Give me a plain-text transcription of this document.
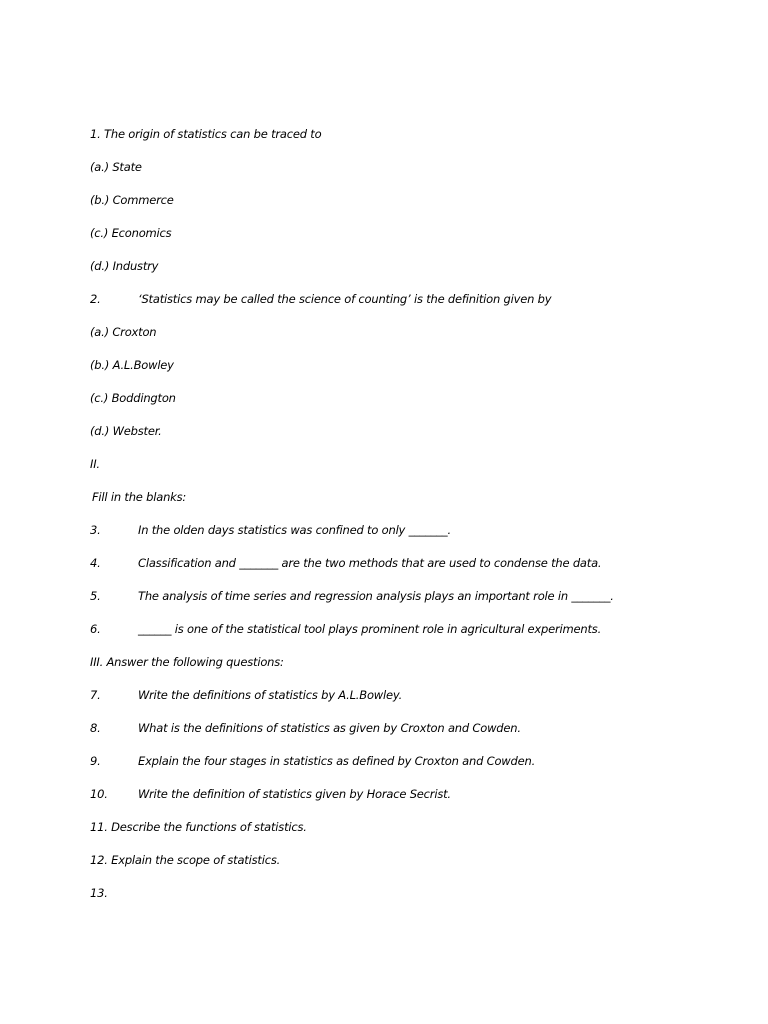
1. The origin of statistics can be traced to
(a.) State
(b.) Commerce
(c.) Economics
(d.) Industry
2.	‘Statistics may be called the science of counting’ is the definition given by
(a.) Croxton
(b.) A.L.Bowley
(c.) Boddington
(d.) Webster.
II.
Fill in the blanks:
3.	In the olden days statistics was confined to only _______.
4.	Classification and _______ are the two methods that are used to condense the data.
5.	The analysis of time series and regression analysis plays an important role in _______.
6.	______ is one of the statistical tool plays prominent role in agricultural experiments.
III. Answer the following questions:
7.	Write the definitions of statistics by A.L.Bowley.
8.	What is the definitions of statistics as given by Croxton and Cowden.
9.	Explain the four stages in statistics as defined by Croxton and Cowden.
10.	Write the definition of statistics given by Horace Secrist.
11. Describe the functions of statistics.
12. Explain the scope of statistics.
13.
